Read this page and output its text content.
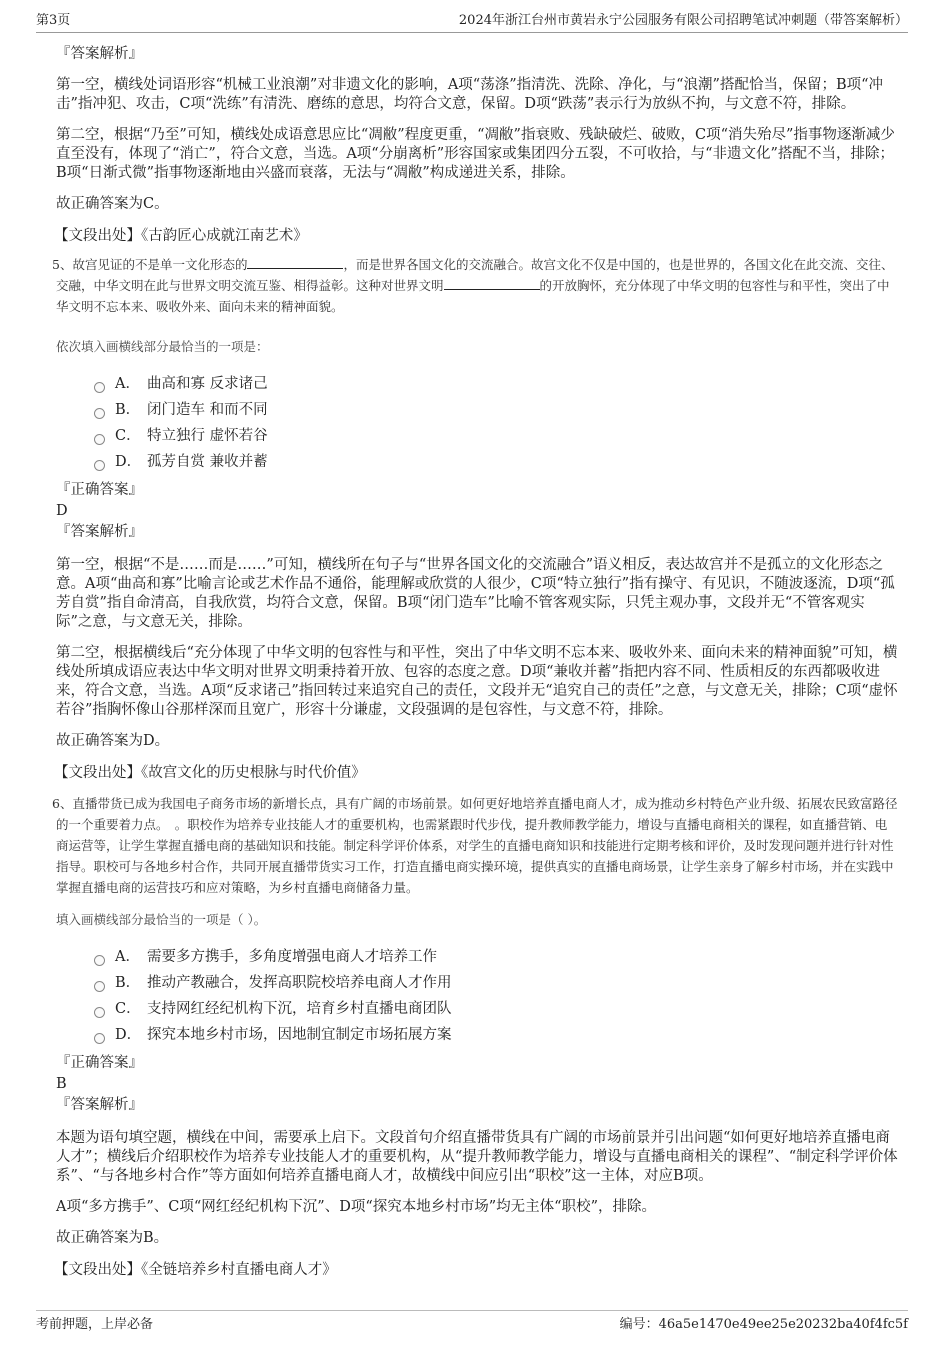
第3页	2024年浙江台州市黄岩永宁公园服务有限公司招聘笔试冲刺题（带答案解析）
『答案解析』

第一空，横线处词语形容“机械工业浪潮”对非遗文化的影响，A项“荡涤”指清洗、洗除、净化，与“浪潮”搭配恰当，保留；B项“冲击”指冲犯、攻击，C项“洗练”有清洗、磨练的意思，均符合文意，保留。D项“跌荡”表示行为放纵不拘，与文意不符，排除。

第二空，根据“乃至”可知，横线处成语意思应比“凋敝”程度更重，“凋敝”指衰败、残缺破烂、破败，C项“消失殆尽”指事物逐渐减少直至没有，体现了“消亡”，符合文意，当选。A项“分崩离析”形容国家或集团四分五裂，不可收拾，与“非遗文化”搭配不当，排除；B项“日渐式微”指事物逐渐地由兴盛而衰落，无法与“凋敝”构成递进关系，排除。

故正确答案为C。

【文段出处】《古韵匠心成就江南艺术》

5、故宫见证的不是单一文化形态的	，而是世界各国文化的交流融合。故宫文化不仅是中国的，也是世界的，各国文化在此交流、交往、交融，中华文明在此与世界文明交流互鉴、相得益彰。这种对世界文明	的开放胸怀，充分体现了中华文明的包容性与和平性，突出了中华文明不忘本来、吸收外来、面向未来的精神面貌。

依次填入画横线部分最恰当的一项是：

A． 曲高和寡 反求诸己
B． 闭门造车 和而不同
C． 特立独行 虚怀若谷
D． 孤芳自赏 兼收并蓄
『正确答案』
D
『答案解析』

第一空，根据“不是……而是……”可知，横线所在句子与“世界各国文化的交流融合”语义相反，表达故宫并不是孤立的文化形态之意。A项“曲高和寡”比喻言论或艺术作品不通俗，能理解或欣赏的人很少，C项“特立独行”指有操守、有见识，不随波逐流，D项“孤芳自赏”指自命清高，自我欣赏，均符合文意，保留。B项“闭门造车”比喻不管客观实际，只凭主观办事，文段并无“不管客观实际”之意，与文意无关，排除。

第二空，根据横线后“充分体现了中华文明的包容性与和平性，突出了中华文明不忘本来、吸收外来、面向未来的精神面貌”可知，横线处所填成语应表达中华文明对世界文明秉持着开放、包容的态度之意。D项“兼收并蓄”指把内容不同、性质相反的东西都吸收进来，符合文意，当选。A项“反求诸己”指回转过来追究自己的责任，文段并无“追究自己的责任”之意，与文意无关，排除；C项“虚怀若谷”指胸怀像山谷那样深而且宽广，形容十分谦虚，文段强调的是包容性，与文意不符，排除。

故正确答案为D。

【文段出处】《故宫文化的历史根脉与时代价值》

6、直播带货已成为我国电子商务市场的新增长点，具有广阔的市场前景。如何更好地培养直播电商人才，成为推动乡村特色产业升级、拓展农民致富路径的一个重要着力点。　。职校作为培养专业技能人才的重要机构，也需紧跟时代步伐，提升教师教学能力，增设与直播电商相关的课程，如直播营销、电商运营等，让学生掌握直播电商的基础知识和技能。制定科学评价体系，对学生的直播电商知识和技能进行定期考核和评价，及时发现问题并进行针对性指导。职校可与各地乡村合作，共同开展直播带货实习工作，打造直播电商实操环境，提供真实的直播电商场景，让学生亲身了解乡村市场，并在实践中掌握直播电商的运营技巧和应对策略，为乡村直播电商储备力量。

填入画横线部分最恰当的一项是（ ）。

A． 需要多方携手，多角度增强电商人才培养工作
B． 推动产教融合，发挥高职院校培养电商人才作用
C． 支持网红经纪机构下沉，培育乡村直播电商团队
D． 探究本地乡村市场，因地制宜制定市场拓展方案
『正确答案』
B
『答案解析』

本题为语句填空题，横线在中间，需要承上启下。文段首句介绍直播带货具有广阔的市场前景并引出问题“如何更好地培养直播电商人才”；横线后介绍职校作为培养专业技能人才的重要机构，从“提升教师教学能力，增设与直播电商相关的课程”、“制定科学评价体系”、“与各地乡村合作”等方面如何培养直播电商人才，故横线中间应引出“职校”这一主体，对应B项。

A项“多方携手”、C项“网红经纪机构下沉”、D项“探究本地乡村市场”均无主体“职校”，排除。

故正确答案为B。

【文段出处】《全链培养乡村直播电商人才》
考前押题，上岸必备	编号：46a5e1470e49ee25e20232ba40f4fc5f
